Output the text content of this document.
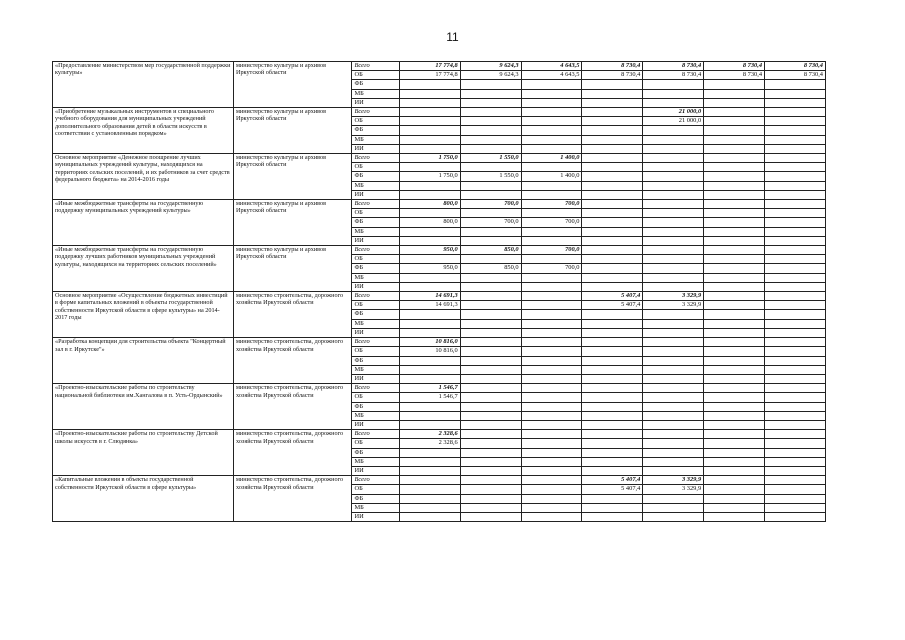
11
«Предоставление министерством мер государственной поддержки культуры»	министерство культуры и архивов Иркутской области	Всего	17 774,8	9 624,3	4 643,5	8 730,4	8 730,4	8 730,4	8 730,4
		ОБ	17 774,8	9 624,3	4 643,5	8 730,4	8 730,4	8 730,4	8 730,4
		ФБ							
		МБ							
		ИИ							
«Приобретение музыкальных инструментов и специального учебного оборудования для муниципальных учреждений дополнительного образования детей в области искусств в соответствии с установленным порядком»	министерство культуры и архивов Иркутской области	Всего					21 000,0		
		ОБ					21 000,0		
		ФБ							
		МБ							
		ИИ							
Основное мероприятие «Денежное поощрение лучших муниципальных учреждений культуры, находящихся на территориях сельских поселений, и их работников за счет средств федерального бюджета» на 2014-2016 годы	министерство культуры и архивов Иркутской области	Всего	1 750,0	1 550,0	1 400,0				
		ОБ							
		ФБ	1 750,0	1 550,0	1 400,0				
		МБ							
		ИИ							
«Иные межбюджетные трансферты на государственную поддержку муниципальных учреждений культуры»	министерство культуры и архивов Иркутской области	Всего	800,0	700,0	700,0				
		ОБ							
		ФБ	800,0	700,0	700,0				
		МБ							
		ИИ							
«Иные межбюджетные трансферты на государственную поддержку лучших работников муниципальных учреждений культуры, находящихся на территориях сельских поселений»	министерство культуры и архивов Иркутской области	Всего	950,0	850,0	700,0				
		ОБ							
		ФБ	950,0	850,0	700,0				
		МБ							
		ИИ							
Основное мероприятие «Осуществление бюджетных инвестиций в форме капитальных вложений в объекты государственной собственности Иркутской области в сфере культуры» на 2014-2017 годы	министерство строительства, дорожного хозяйства Иркутской области	Всего	14 691,3			5 407,4	3 329,9		
		ОБ	14 691,3			5 407,4	3 329,9		
		ФБ							
		МБ							
		ИИ							
«Разработка концепции для строительства объекта "Концертный зал в г. Иркутске"»	министерство строительства, дорожного хозяйства Иркутской области	Всего	10 816,0						
		ОБ	10 816,0						
		ФБ							
		МБ							
		ИИ							
«Проектно-изыскательские работы по строительству национальной библиотеки им.Хангалова в п. Усть-Ордынский»	министерство строительства, дорожного хозяйства Иркутской области	Всего	1 546,7						
		ОБ	1 546,7						
		ФБ							
		МБ							
		ИИ							
«Проектно-изыскательские работы по строительству Детской школы искусств в г. Слюдянка»	министерство строительства, дорожного хозяйства Иркутской области	Всего	2 328,6						
		ОБ	2 328,6						
		ФБ							
		МБ							
		ИИ							
«Капитальные вложения в объекты государственной собственности Иркутской области в сфере культуры»	министерство строительства, дорожного хозяйства Иркутской области	Всего				5 407,4	3 329,9		
		ОБ				5 407,4	3 329,9		
		ФБ							
		МБ							
		ИИ							
